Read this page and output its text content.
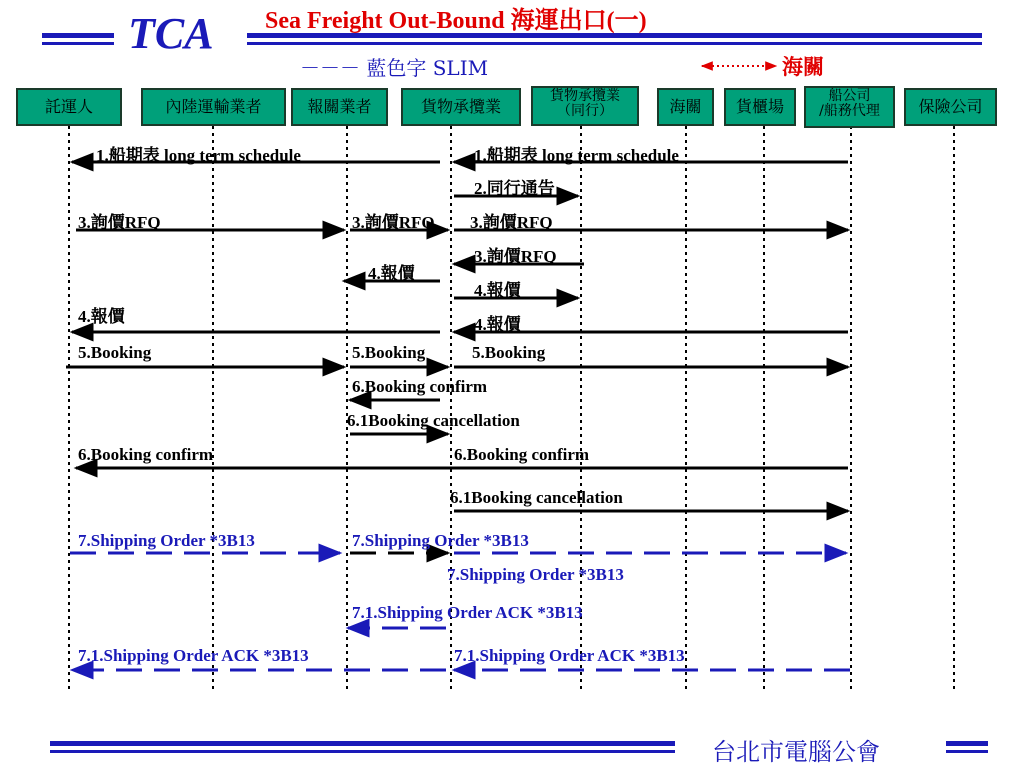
TCA Sea Freight Out-Bound 海運出口(一)
－－－ 藍色字 SLIM	海關
託運人	內陸運輸業者	報關業者	貨物承攬業
貨物承攬業
（同行）	海關	貨櫃場
船公司
/船務代理	保險公司
1.船期表 long term schedule	1.船期表 long term schedule
2.同行通告
3.詢價RFQ	3.詢價RFQ 3.詢價RFQ
3.詢價RFQ
4.報價
4.報價
4.報價	4.報價
5.Booking	5.Booking	5.Booking
6.Booking confirm
6.1Booking cancellation
6.Booking confirm	6.Booking confirm
6.1Booking cancellation
7.Shipping Order *3B13	7.Shipping Order *3B13
7.Shipping Order *3B13
7.1.Shipping Order ACK *3B13
7.1.Shipping Order ACK *3B13	7.1.Shipping Order ACK *3B13
台北市電腦公會
